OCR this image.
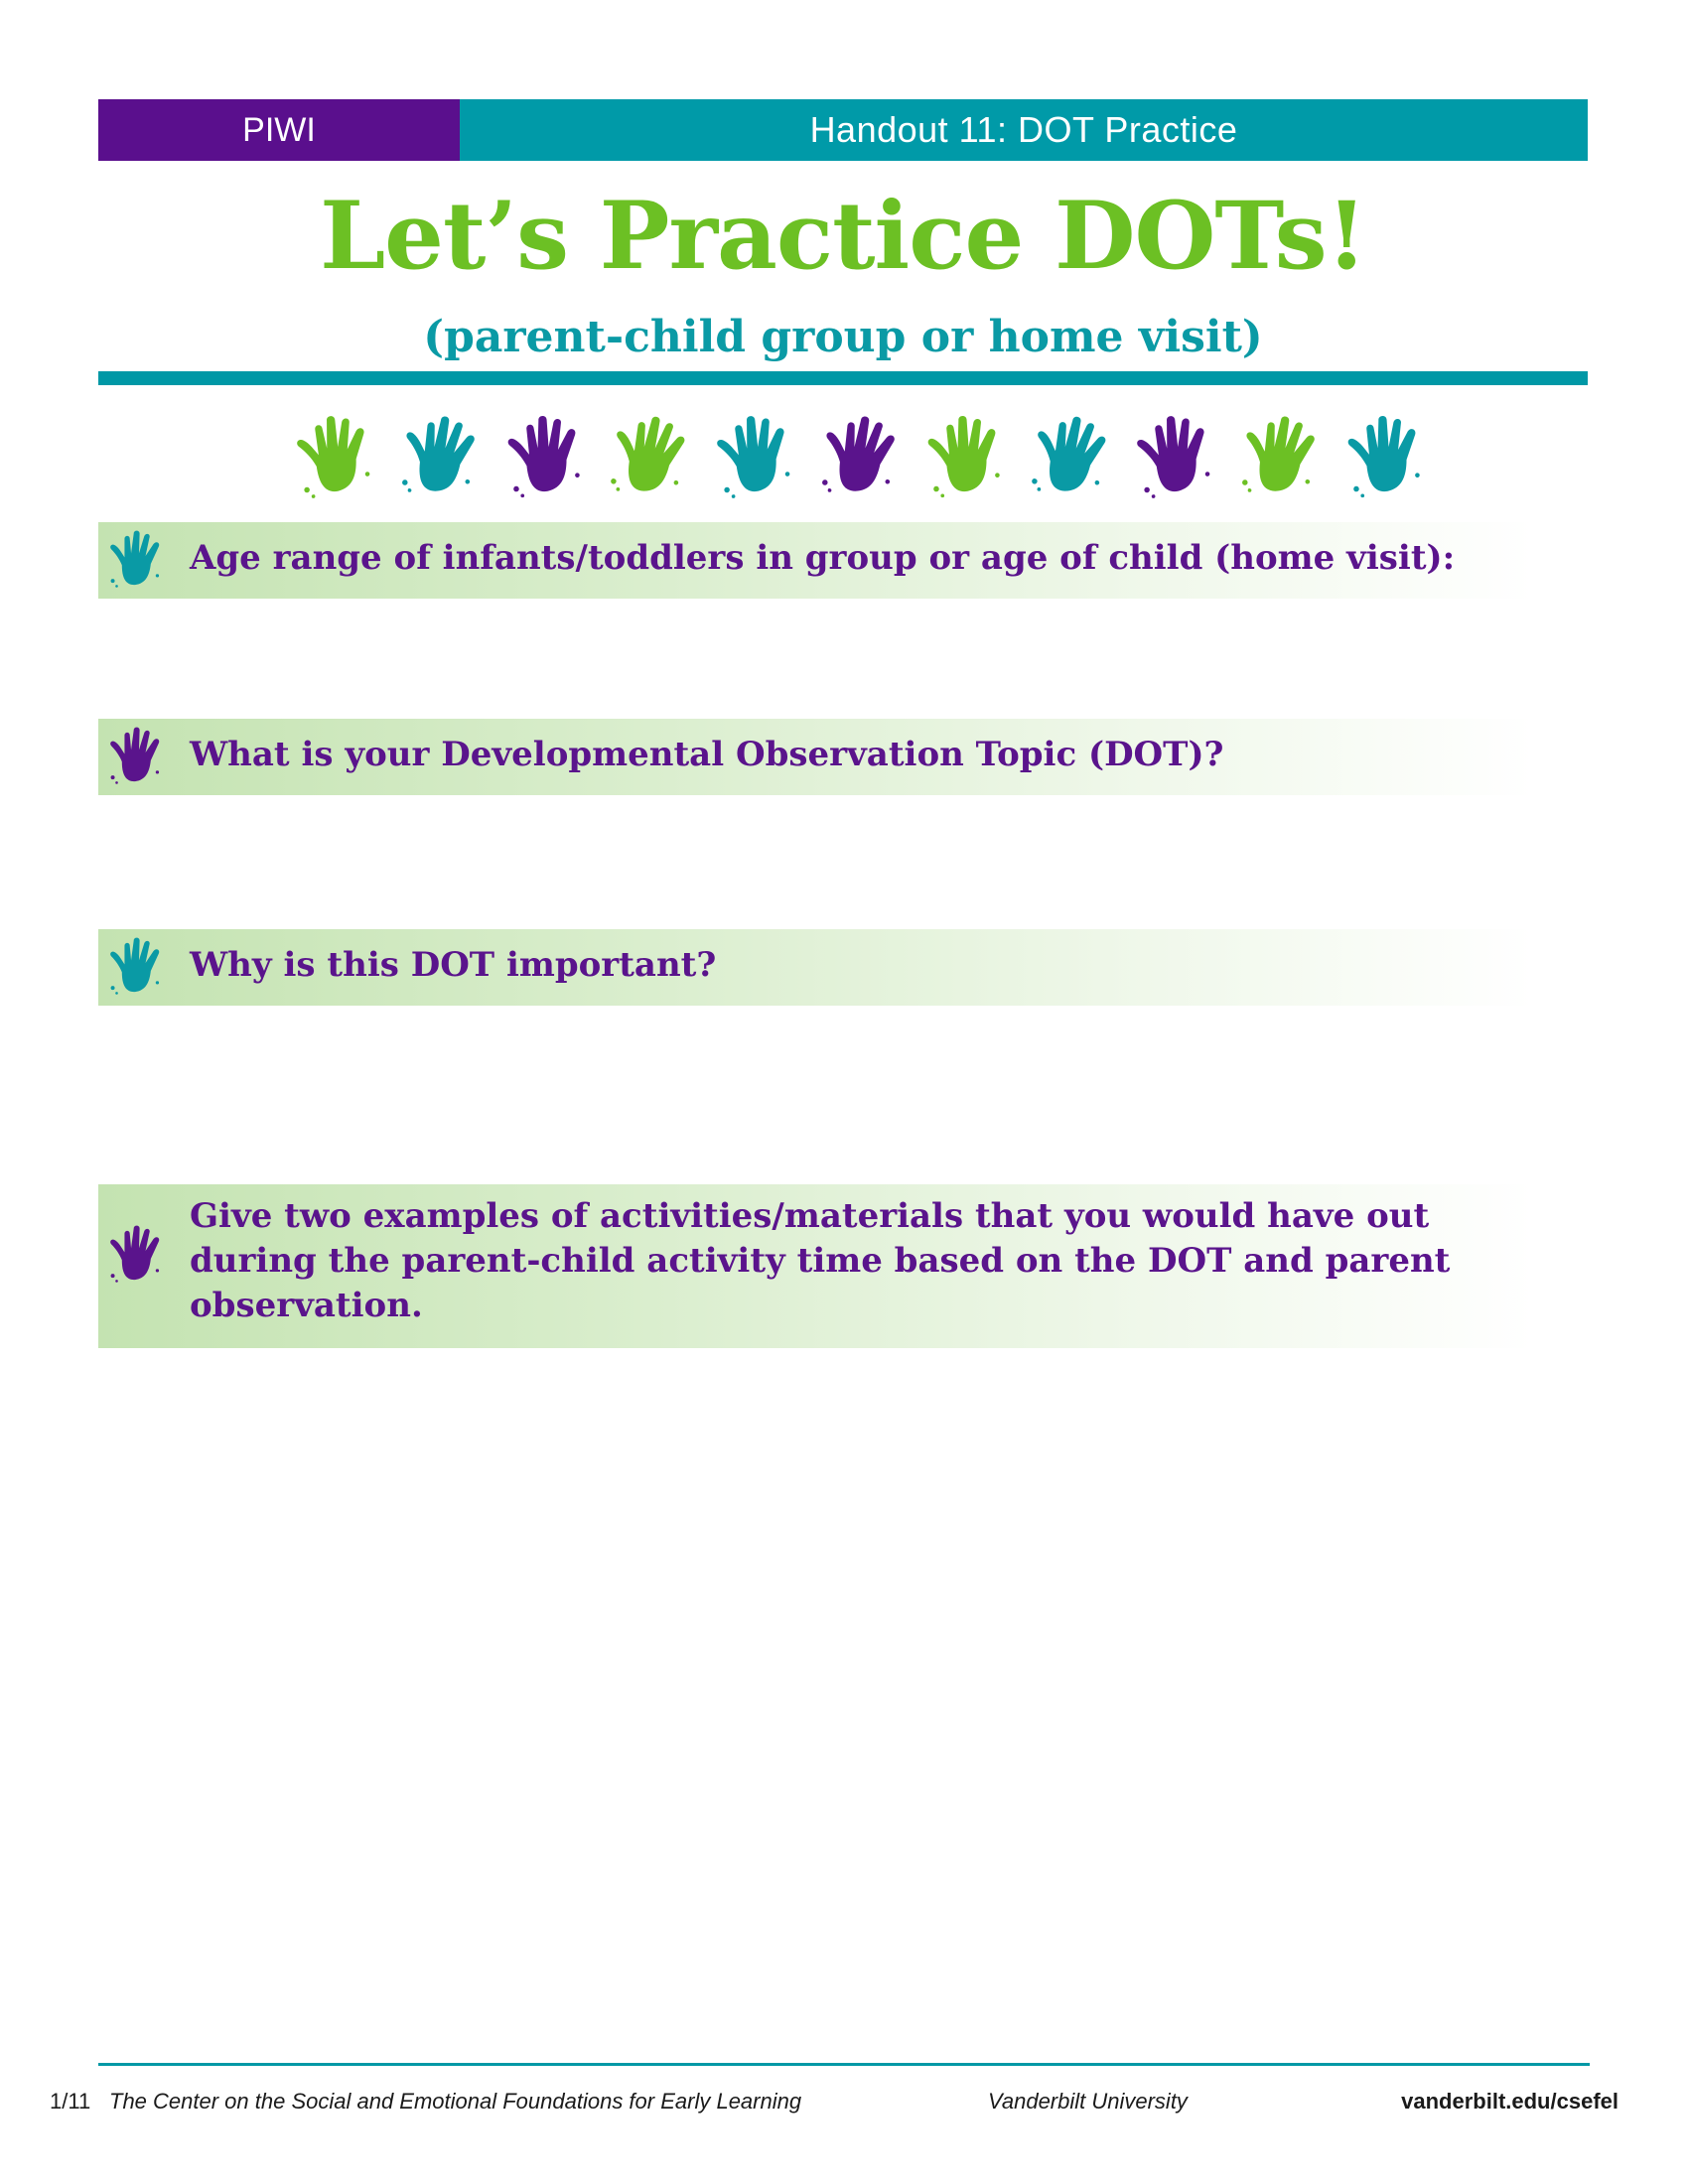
PIWI	Handout 11: DOT Practice
Let’s Practice DOTs!
(parent-child group or home visit)

Age range of infants/toddlers in group or age of child (home visit):

What is your Developmental Observation Topic (DOT)?

Why is this DOT important?

Give two examples of activities/materials that you would have out during the parent-child activity time based on the DOT and parent observation.

1/11 The Center on the Social and Emotional Foundations for Early Learning	Vanderbilt University	vanderbilt.edu/csefel
